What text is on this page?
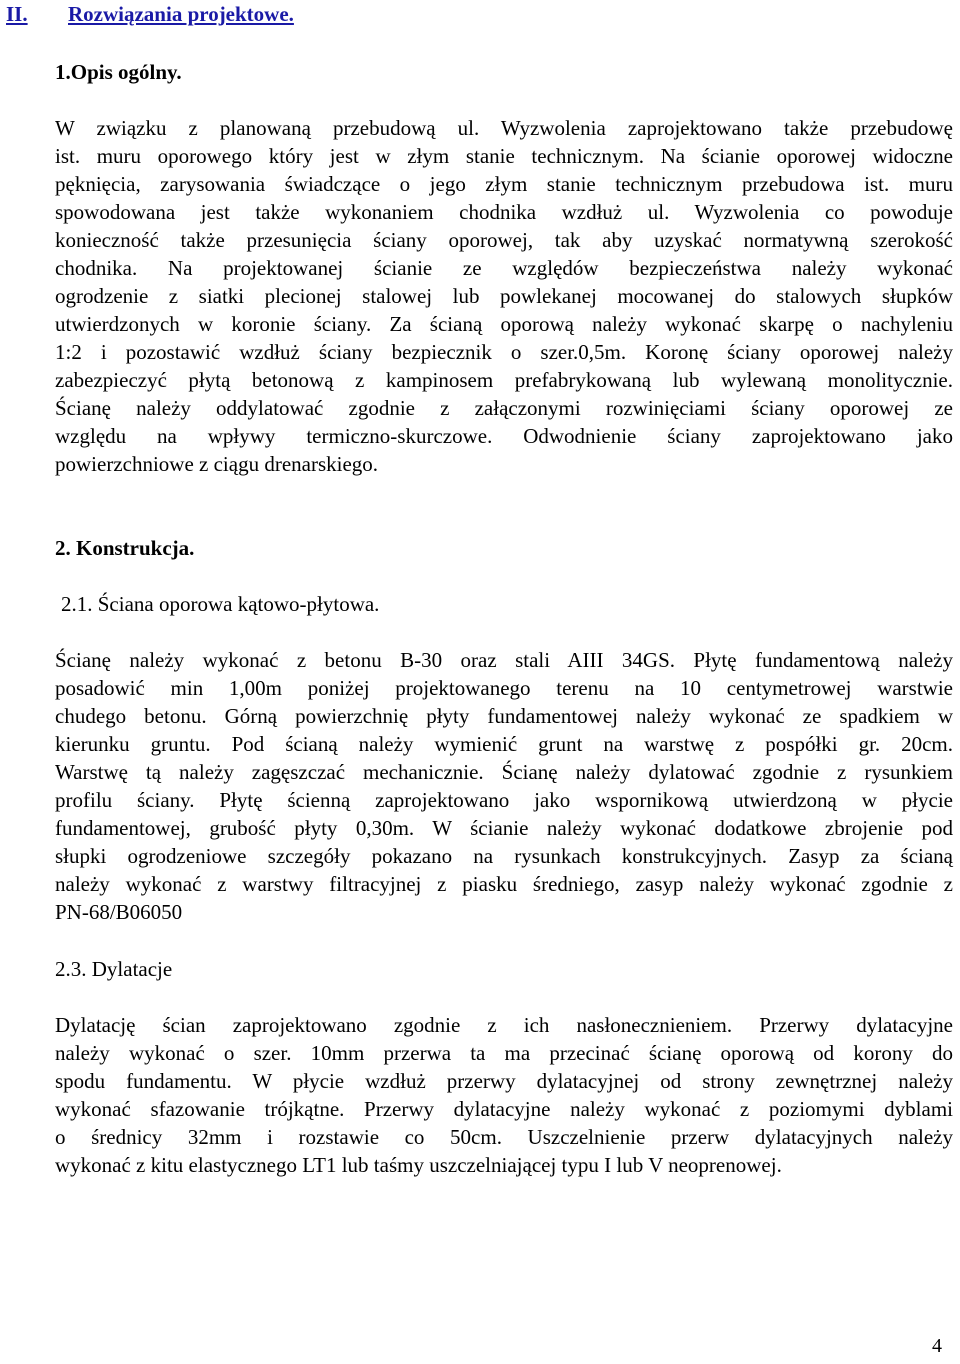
II. Rozwiązania projektowe.
1.Opis ogólny.
W związku z planowaną przebudową ul. Wyzwolenia zaprojektowano także przebudowę
ist. muru oporowego który jest w złym stanie technicznym. Na ścianie oporowej widoczne
pęknięcia, zarysowania świadczące o jego złym stanie technicznym przebudowa ist. muru
spowodowana jest także wykonaniem chodnika wzdłuż ul. Wyzwolenia co powoduje
konieczność także przesunięcia ściany oporowej, tak aby uzyskać normatywną szerokość
chodnika. Na projektowanej ścianie ze względów bezpieczeństwa należy wykonać
ogrodzenie z siatki plecionej stalowej lub powlekanej mocowanej do stalowych słupków
utwierdzonych w koronie ściany. Za ścianą oporową należy wykonać skarpę o nachyleniu
1:2 i pozostawić wzdłuż ściany bezpiecznik o szer.0,5m. Koronę ściany oporowej należy
zabezpieczyć płytą betonową z kampinosem prefabrykowaną lub wylewaną monolitycznie.
Ścianę należy oddylatować zgodnie z załączonymi rozwinięciami ściany oporowej ze
względu na wpływy termiczno-skurczowe. Odwodnienie ściany zaprojektowano jako
powierzchniowe z ciągu drenarskiego.
2. Konstrukcja.
2.1. Ściana oporowa kątowo-płytowa.
Ścianę należy wykonać z betonu B-30 oraz stali AIII 34GS. Płytę fundamentową należy
posadowić min 1,00m poniżej projektowanego terenu na 10 centymetrowej warstwie
chudego betonu. Górną powierzchnię płyty fundamentowej należy wykonać ze spadkiem w
kierunku gruntu. Pod ścianą należy wymienić grunt na warstwę z pospółki gr. 20cm.
Warstwę tą należy zagęszczać mechanicznie. Ścianę należy dylatować zgodnie z rysunkiem
profilu ściany. Płytę ścienną zaprojektowano jako wspornikową utwierdzoną w płycie
fundamentowej, grubość płyty 0,30m. W ścianie należy wykonać dodatkowe zbrojenie pod
słupki ogrodzeniowe szczegóły pokazano na rysunkach konstrukcyjnych. Zasyp za ścianą
należy wykonać z warstwy filtracyjnej z piasku średniego, zasyp należy wykonać zgodnie z
PN-68/B06050
2.3. Dylatacje
Dylatację ścian zaprojektowano zgodnie z ich nasłonecznieniem. Przerwy dylatacyjne
należy wykonać o szer. 10mm przerwa ta ma przecinać ścianę oporową od korony do
spodu fundamentu. W płycie wzdłuż przerwy dylatacyjnej od strony zewnętrznej należy
wykonać sfazowanie trójkątne. Przerwy dylatacyjne należy wykonać z poziomymi dyblami
o średnicy 32mm i rozstawie co 50cm. Uszczelnienie przerw dylatacyjnych należy
wykonać z kitu elastycznego LT1 lub taśmy uszczelniającej typu I lub V neoprenowej.
4
